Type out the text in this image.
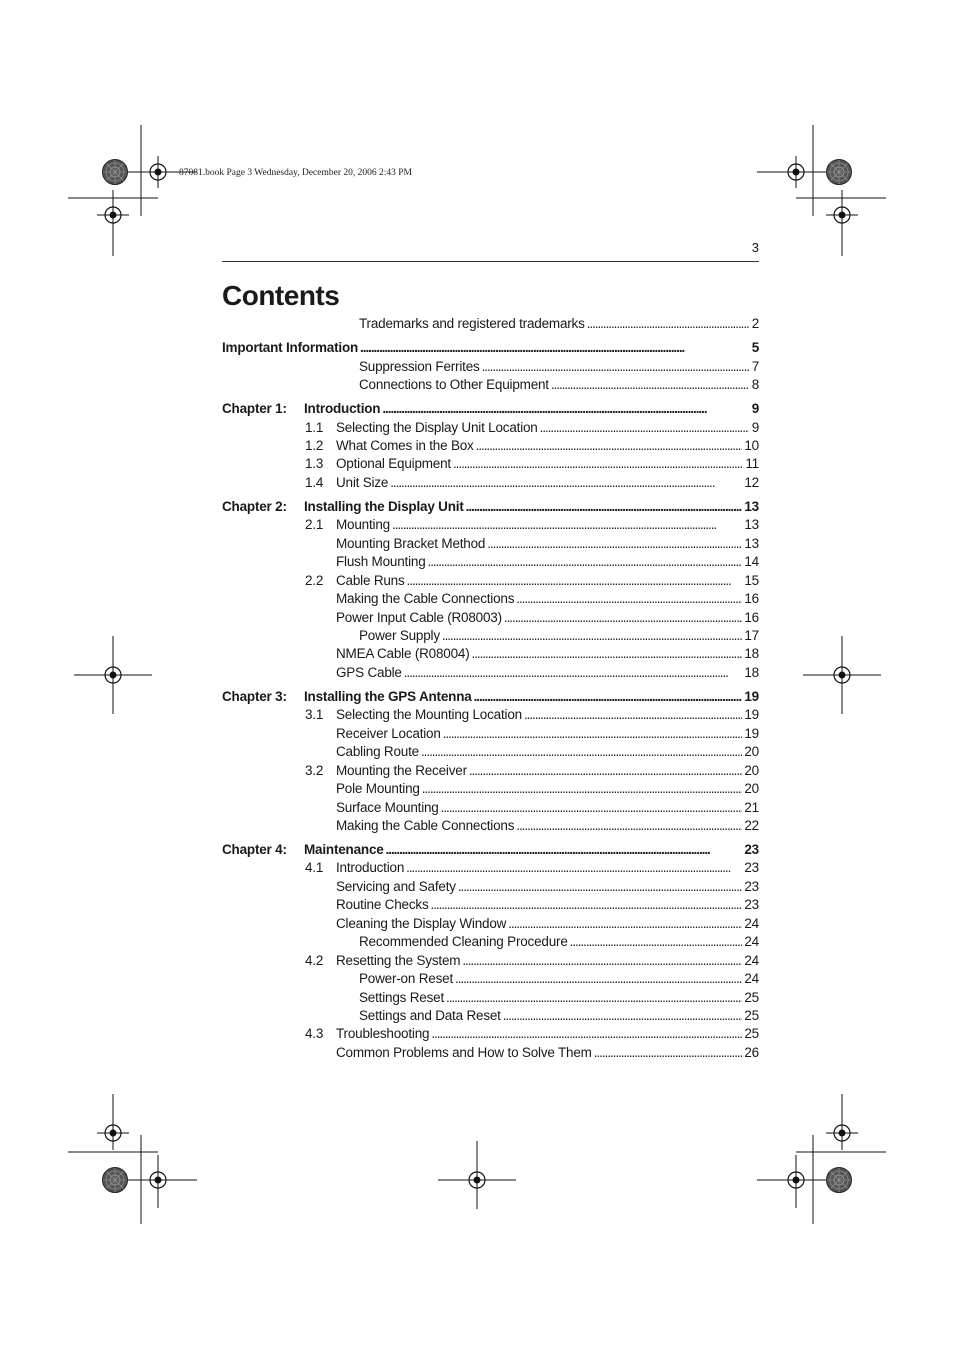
87081.book Page 3 Wednesday, December 20, 2006 2:43 PM
3
Contents
Trademarks and registered trademarks . . .	2
Important Information . . .	5
Suppression Ferrites . . .	7
Connections to Other Equipment . . .	8
Chapter 1:	Introduction . . .	9
1.1 Selecting the Display Unit Location . . .	9
1.2 What Comes in the Box . . .	10
1.3 Optional Equipment . . .	11
1.4 Unit Size . . .	12
Chapter 2:	Installing the Display Unit . . .	13
2.1 Mounting . . .	13
Mounting Bracket Method . . .	13
Flush Mounting . . .	14
2.2 Cable Runs . . .	15
Making the Cable Connections . . .	16
Power Input Cable (R08003) . . .	16
Power Supply . . .	17
NMEA Cable (R08004) . . .	18
GPS Cable . . .	18
Chapter 3:	Installing the GPS Antenna . . .	19
3.1 Selecting the Mounting Location . . .	19
Receiver Location . . .	19
Cabling Route . . .	20
3.2 Mounting the Receiver . . .	20
Pole Mounting . . .	20
Surface Mounting . . .	21
Making the Cable Connections . . .	22
Chapter 4:	Maintenance . . .	23
4.1 Introduction . . .	23
Servicing and Safety . . .	23
Routine Checks . . .	23
Cleaning the Display Window . . .	24
Recommended Cleaning Procedure . . .	24
4.2 Resetting the System . . .	24
Power-on Reset . . .	24
Settings Reset . . .	25
Settings and Data Reset . . .	25
4.3 Troubleshooting . . .	25
Common Problems and How to Solve Them . . .	26
